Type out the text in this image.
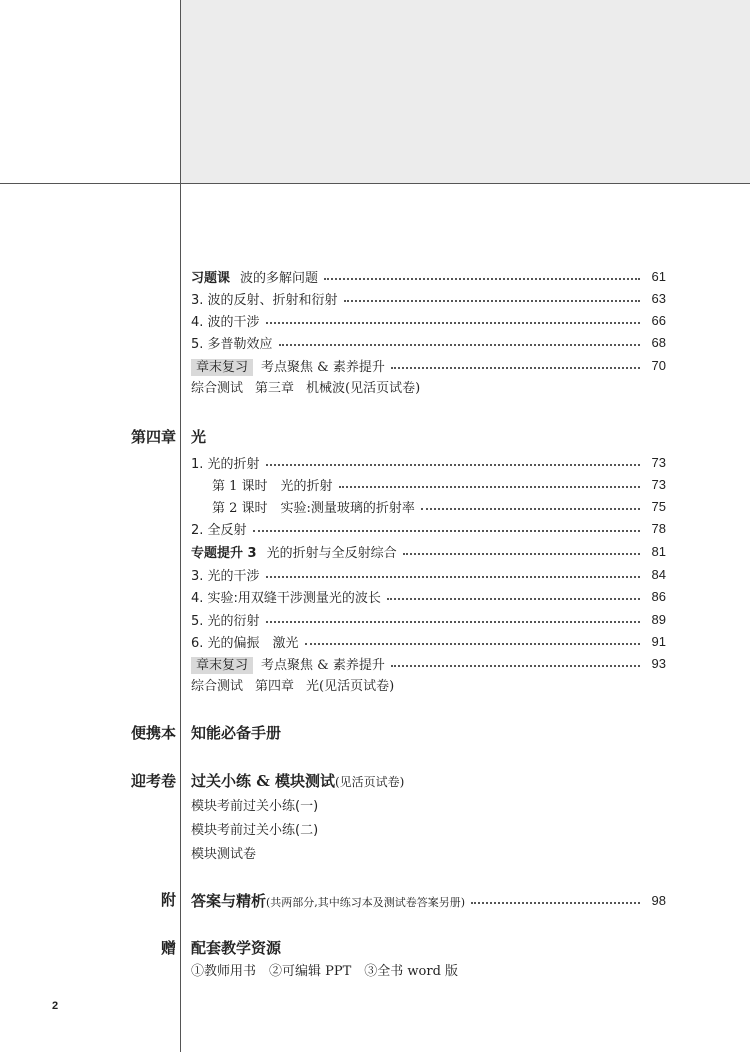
习题课 波的多解问题	61
3. 波的反射、折射和衍射	63
4. 波的干涉	66
5. 多普勒效应	68
章末复习 考点聚焦 & 素养提升	70
综合测试 第三章 机械波(见活页试卷)
第四章 光
1. 光的折射	73
第 1 课时　光的折射	73
第 2 课时　实验:测量玻璃的折射率	75
2. 全反射	78
专题提升 3 光的折射与全反射综合	81
3. 光的干涉	84
4. 实验:用双缝干涉测量光的波长	86
5. 光的衍射	89
6. 光的偏振　激光	91
章末复习 考点聚焦 & 素养提升	93
综合测试 第四章 光(见活页试卷)
便携本 知能必备手册
迎考卷 过关小练 & 模块测试(见活页试卷)
模块考前过关小练(一)
模块考前过关小练(二)
模块测试卷
附 答案与精析(共两部分,其中练习本及测试卷答案另册)	98
赠 配套教学资源
①教师用书　②可编辑 PPT　③全书 word 版
2
